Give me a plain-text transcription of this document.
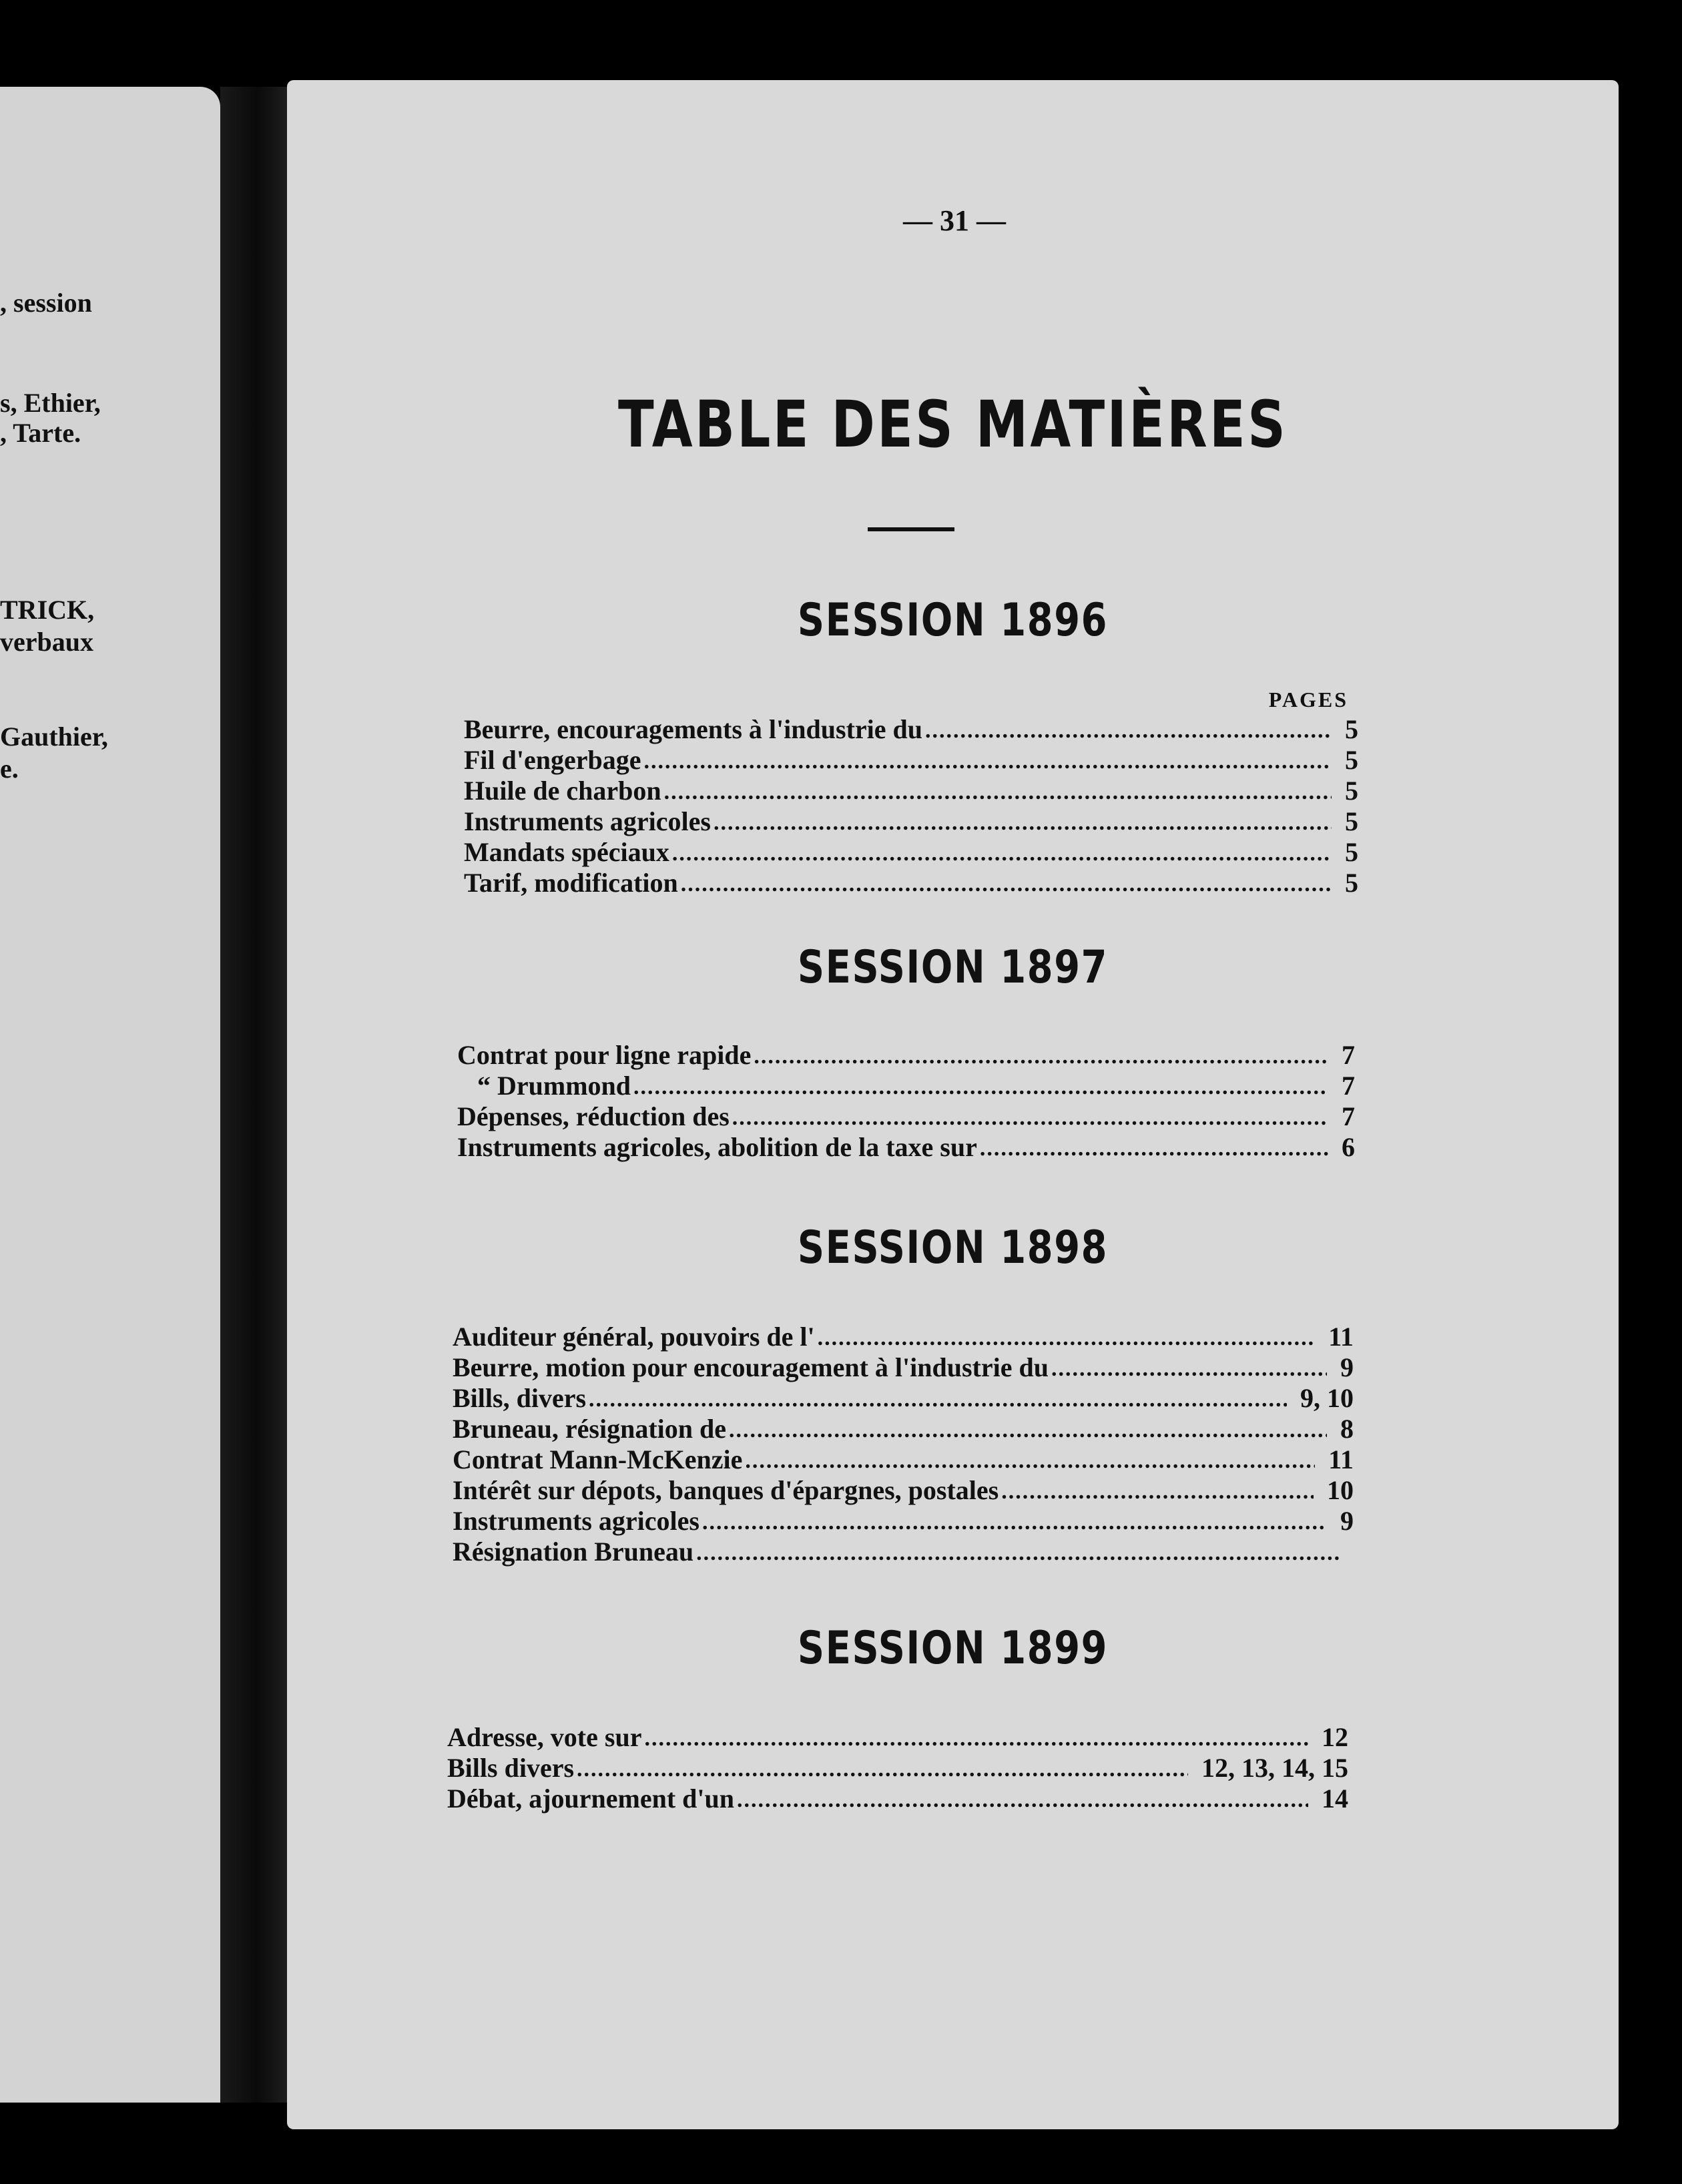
, session
s, Ethier,
, Tarte.
TRICK,
verbaux
Gauthier,
e.
— 31 —
TABLE DES MATIÈRES
SESSION 1896
PAGES
Beurre, encouragements à l'industrie du .....	5
Fil d'engerbage .....	5
Huile de charbon .....	5
Instruments agricoles .....	5
Mandats spéciaux .....	5
Tarif, modification .....	5
SESSION 1897
Contrat pour ligne rapide .....	7
“ Drummond .....	7
Dépenses, réduction des .....	7
Instruments agricoles, abolition de la taxe sur .....	6
SESSION 1898
Auditeur général, pouvoirs de l' .....	11
Beurre, motion pour encouragement à l'industrie du .....	9
Bills, divers .....	9, 10
Bruneau, résignation de .....	8
Contrat Mann-McKenzie .....	11
Intérêt sur dépots, banques d'épargnes, postales .....	10
Instruments agricoles .....	9
Résignation Bruneau
.....
SESSION 1899
Adresse, vote sur .....	12
Bills divers .....	12, 13, 14, 15
Débat, ajournement d'un .....	14
